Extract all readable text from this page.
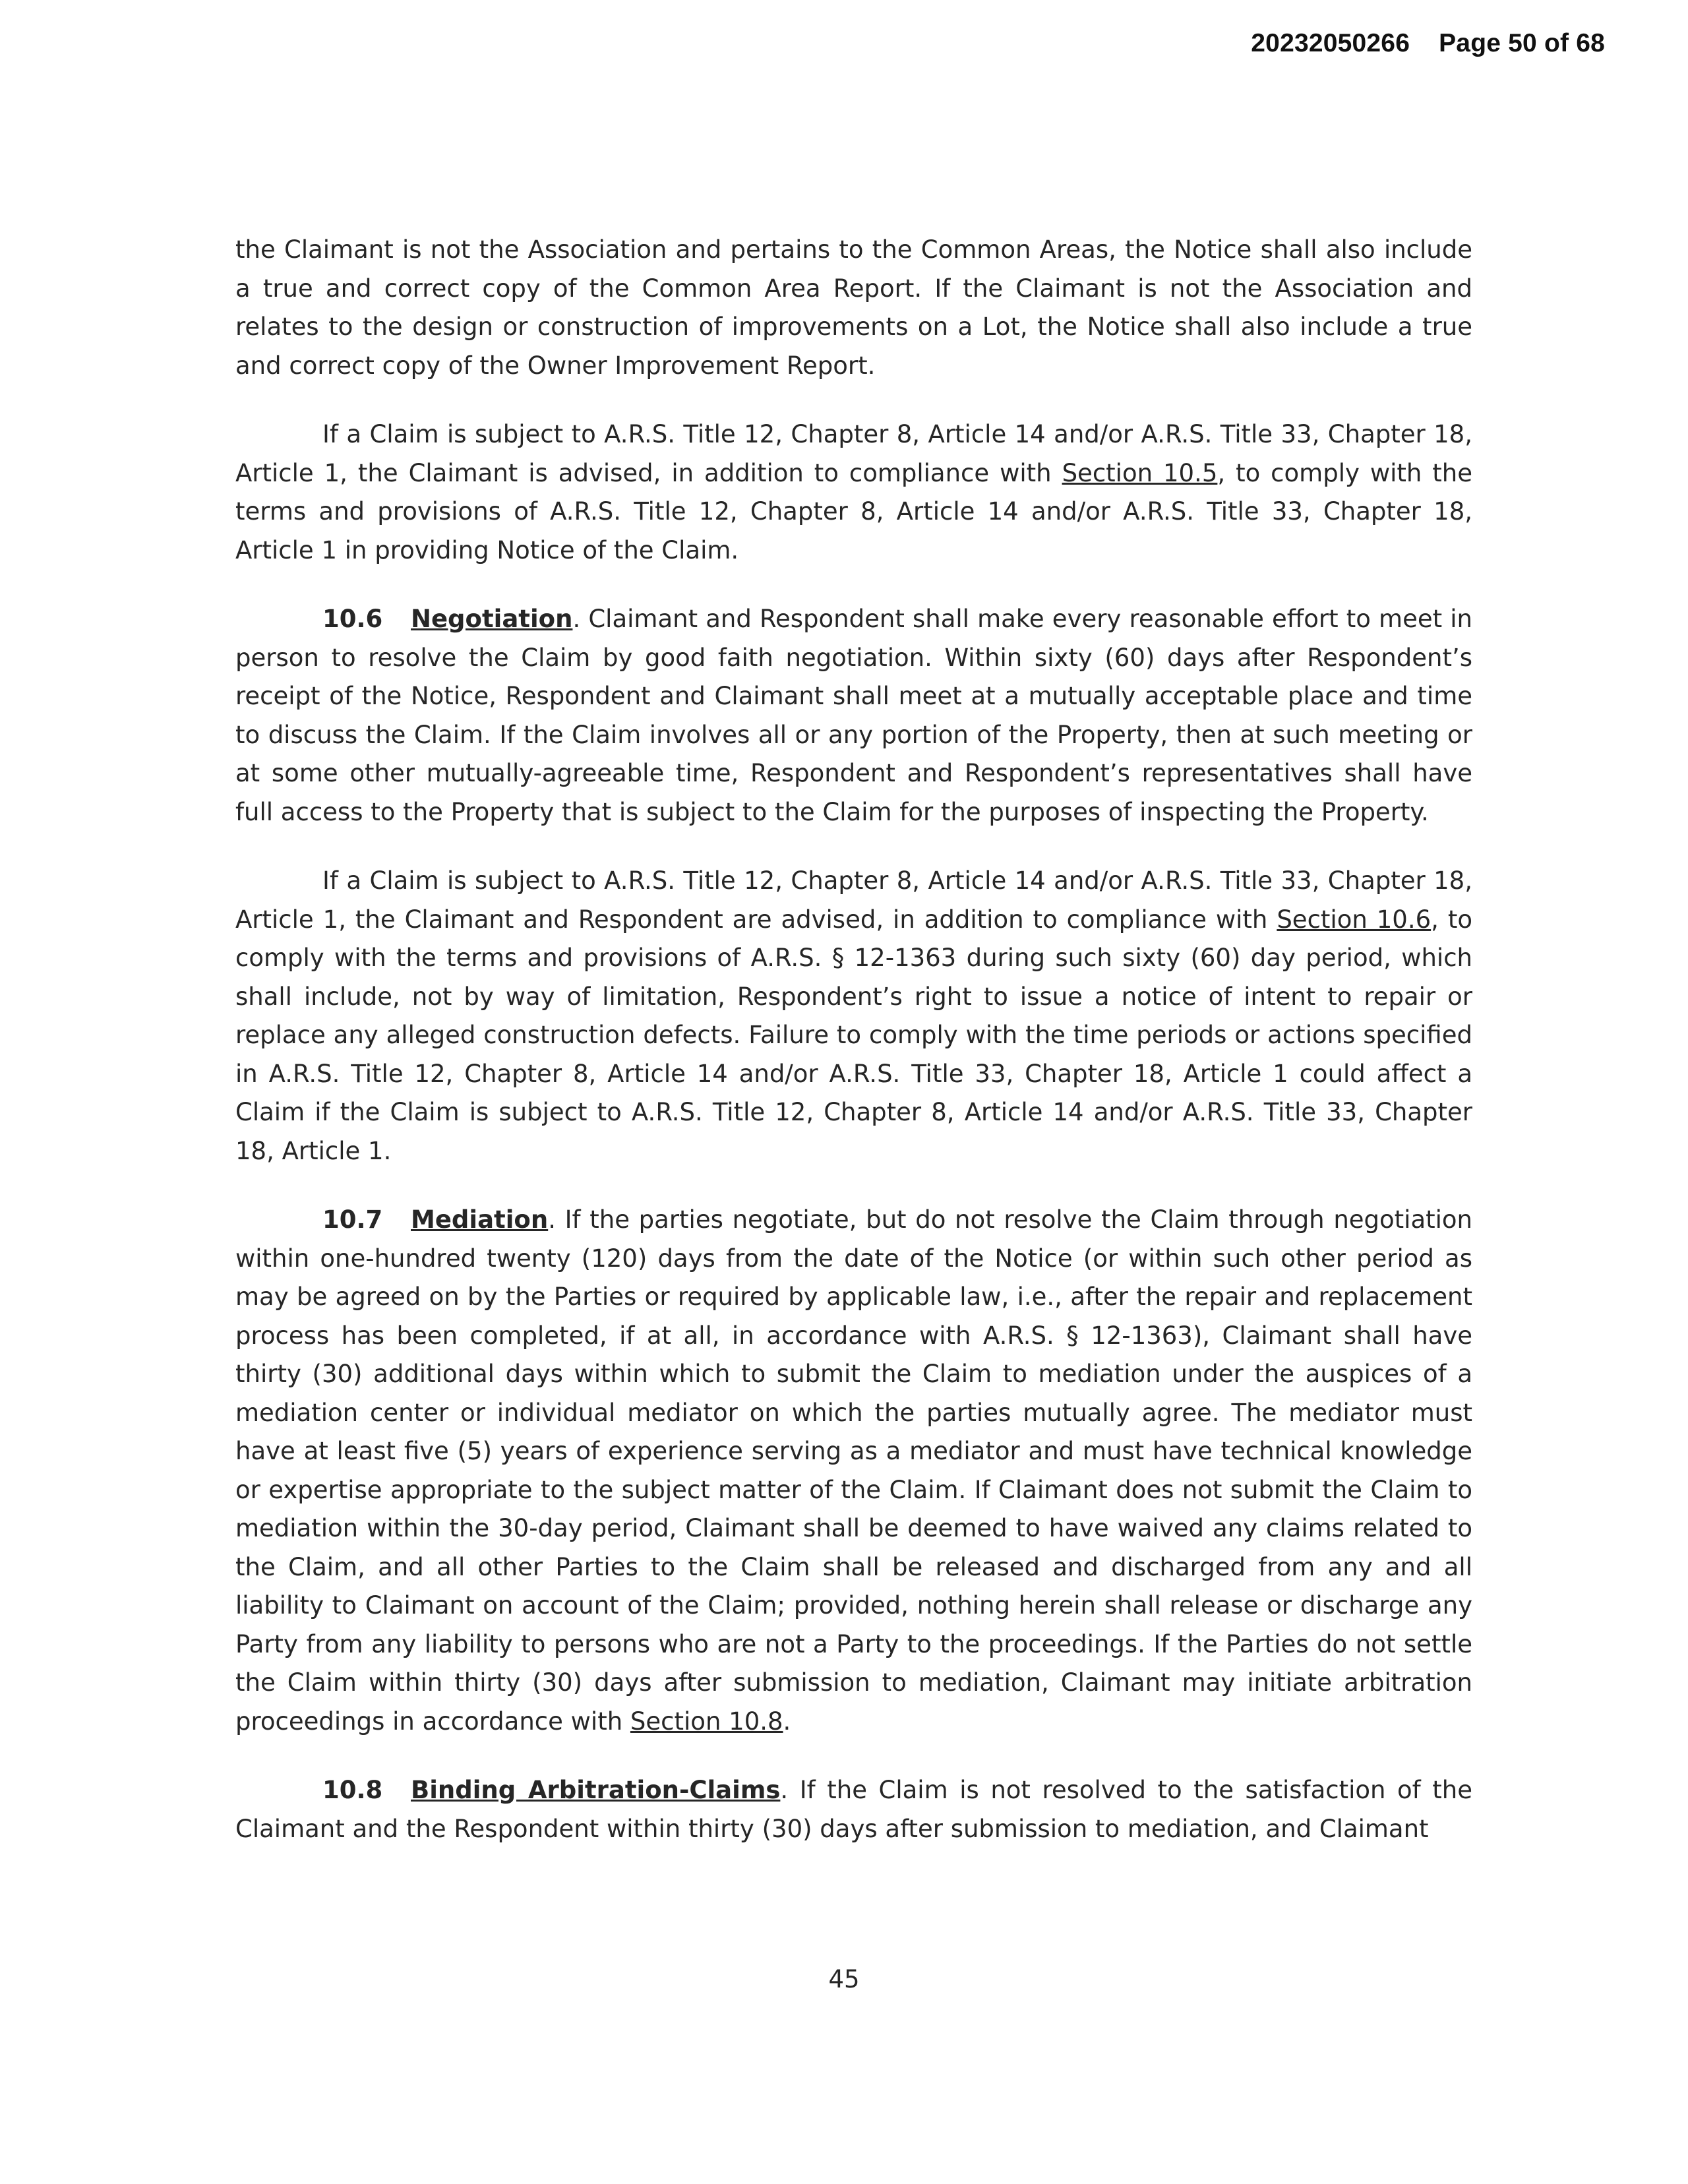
20232050266 Page 50 of 68

the Claimant is not the Association and pertains to the Common Areas, the Notice shall also include a true and correct copy of the Common Area Report. If the Claimant is not the Association and relates to the design or construction of improvements on a Lot, the Notice shall also include a true and correct copy of the Owner Improvement Report.

If a Claim is subject to A.R.S. Title 12, Chapter 8, Article 14 and/or A.R.S. Title 33, Chapter 18, Article 1, the Claimant is advised, in addition to compliance with Section 10.5, to comply with the terms and provisions of A.R.S. Title 12, Chapter 8, Article 14 and/or A.R.S. Title 33, Chapter 18, Article 1 in providing Notice of the Claim.

10.6 Negotiation. Claimant and Respondent shall make every reasonable effort to meet in person to resolve the Claim by good faith negotiation. Within sixty (60) days after Respondent’s receipt of the Notice, Respondent and Claimant shall meet at a mutually acceptable place and time to discuss the Claim. If the Claim involves all or any portion of the Property, then at such meeting or at some other mutually-agreeable time, Respondent and Respondent’s representatives shall have full access to the Property that is subject to the Claim for the purposes of inspecting the Property.

If a Claim is subject to A.R.S. Title 12, Chapter 8, Article 14 and/or A.R.S. Title 33, Chapter 18, Article 1, the Claimant and Respondent are advised, in addition to compliance with Section 10.6, to comply with the terms and provisions of A.R.S. § 12-1363 during such sixty (60) day period, which shall include, not by way of limitation, Respondent’s right to issue a notice of intent to repair or replace any alleged construction defects. Failure to comply with the time periods or actions specified in A.R.S. Title 12, Chapter 8, Article 14 and/or A.R.S. Title 33, Chapter 18, Article 1 could affect a Claim if the Claim is subject to A.R.S. Title 12, Chapter 8, Article 14 and/or A.R.S. Title 33, Chapter 18, Article 1.

10.7 Mediation. If the parties negotiate, but do not resolve the Claim through negotiation within one-hundred twenty (120) days from the date of the Notice (or within such other period as may be agreed on by the Parties or required by applicable law, i.e., after the repair and replacement process has been completed, if at all, in accordance with A.R.S. § 12-1363), Claimant shall have thirty (30) additional days within which to submit the Claim to mediation under the auspices of a mediation center or individual mediator on which the parties mutually agree. The mediator must have at least five (5) years of experience serving as a mediator and must have technical knowledge or expertise appropriate to the subject matter of the Claim. If Claimant does not submit the Claim to mediation within the 30-day period, Claimant shall be deemed to have waived any claims related to the Claim, and all other Parties to the Claim shall be released and discharged from any and all liability to Claimant on account of the Claim; provided, nothing herein shall release or discharge any Party from any liability to persons who are not a Party to the proceedings. If the Parties do not settle the Claim within thirty (30) days after submission to mediation, Claimant may initiate arbitration proceedings in accordance with Section 10.8.

10.8 Binding Arbitration-Claims. If the Claim is not resolved to the satisfaction of the Claimant and the Respondent within thirty (30) days after submission to mediation, and Claimant

45
